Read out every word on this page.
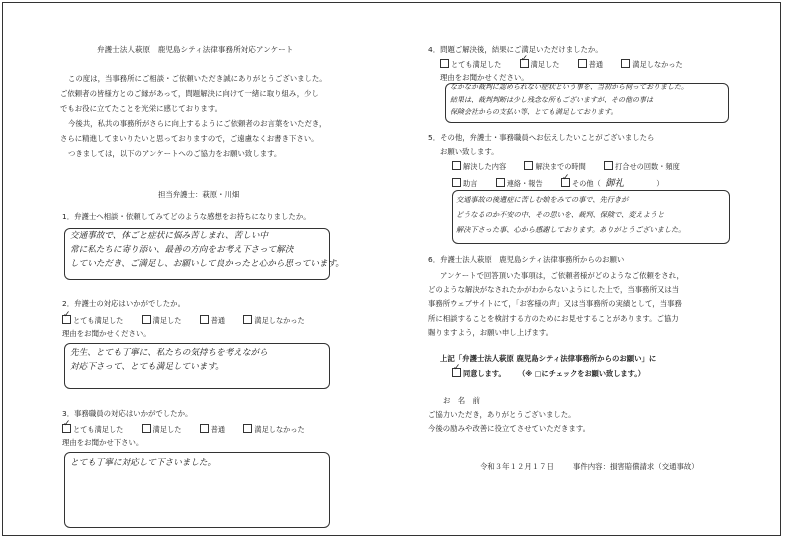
弁護士法人萩原　鹿児島シティ法律事務所対応アンケート
この度は，当事務所にご相談・ご依頼いただき誠にありがとうございました。
ご依頼者の皆様方とのご縁があって，問題解決に向けて一緒に取り組み，少し
でもお役に立てたことを光栄に感じております。
今後共，私共の事務所がさらに向上するようにご依頼者のお言葉をいただき，
さらに精進してまいりたいと思っておりますので，ご遠慮なくお書き下さい。
つきましては，以下のアンケートへのご協力をお願い致します。
担当弁護士：萩原・川畑
1．弁護士へ相談・依頼してみてどのような感想をお持ちになりましたか。
交通事故で、体ごと症状に悩み苦しまれ、苦しい中
常に私たちに寄り添い、最善の方向をお考え下さって解決
していただき、ご満足し、お願いして良かったと心から思っています。
2．弁護士の対応はいかがでしたか。
✓とても満足した	満足した	普通	満足しなかった
理由をお聞かせください。
先生、とても丁寧に、私たちの気持ちを考えながら
対応下さって、とても満足しています。
3．事務職員の対応はいかがでしたか。
✓とても満足した	満足した	普通	満足しなかった
理由をお聞かせ下さい。
とても丁寧に対応して下さいました。
4．問題ご解決後，結果にご満足いただけましたか。
とても満足した ✓	満足した	普通	満足しなかった
理由をお聞かせください。
なかなか裁判に認められない症状という事を、当初から伺っておりました。
結果は、裁判判断は少し残念な所もございますが、その他の事は
保険会社からの支払い等、とても満足しております。
5．その他，弁護士・事務職員へお伝えしたいことがございましたら
お願い致します。
解決した内容	解決までの時間	打合せの回数・頻度
助言	連絡・報告 ✓	その他（ 御礼	）
交通事故の後遺症に苦しむ娘をみての事で、先行きが
どうなるのか不安の中、その思いを、裁判、保険で、変えようと
解決下さった事、心から感謝しております。ありがとうございました。
6．弁護士法人萩原　鹿児島シティ法律事務所からのお願い
アンケートで回答頂いた事項は，ご依頼者様がどのようなご依頼をされ，
どのような解決がなされたかがわからないようにした上で，当事務所又は当
事務所ウェブサイトにて，「お客様の声」又は当事務所の実績として，当事務
所に相談することを検討する方のためにお見せすることがあります。ご協力
賜りますよう，お願い申し上げます。
上記「弁護士法人萩原 鹿児島シティ法律事務所からのお願い」に
✓同意します。 （※ □にチェックをお願い致します。）
お　名　前
ご協力いただき，ありがとうございました。
今後の励みや改善に役立てさせていただきます。
令和３年１２月１７日	事件内容：損害賠償請求（交通事故）
